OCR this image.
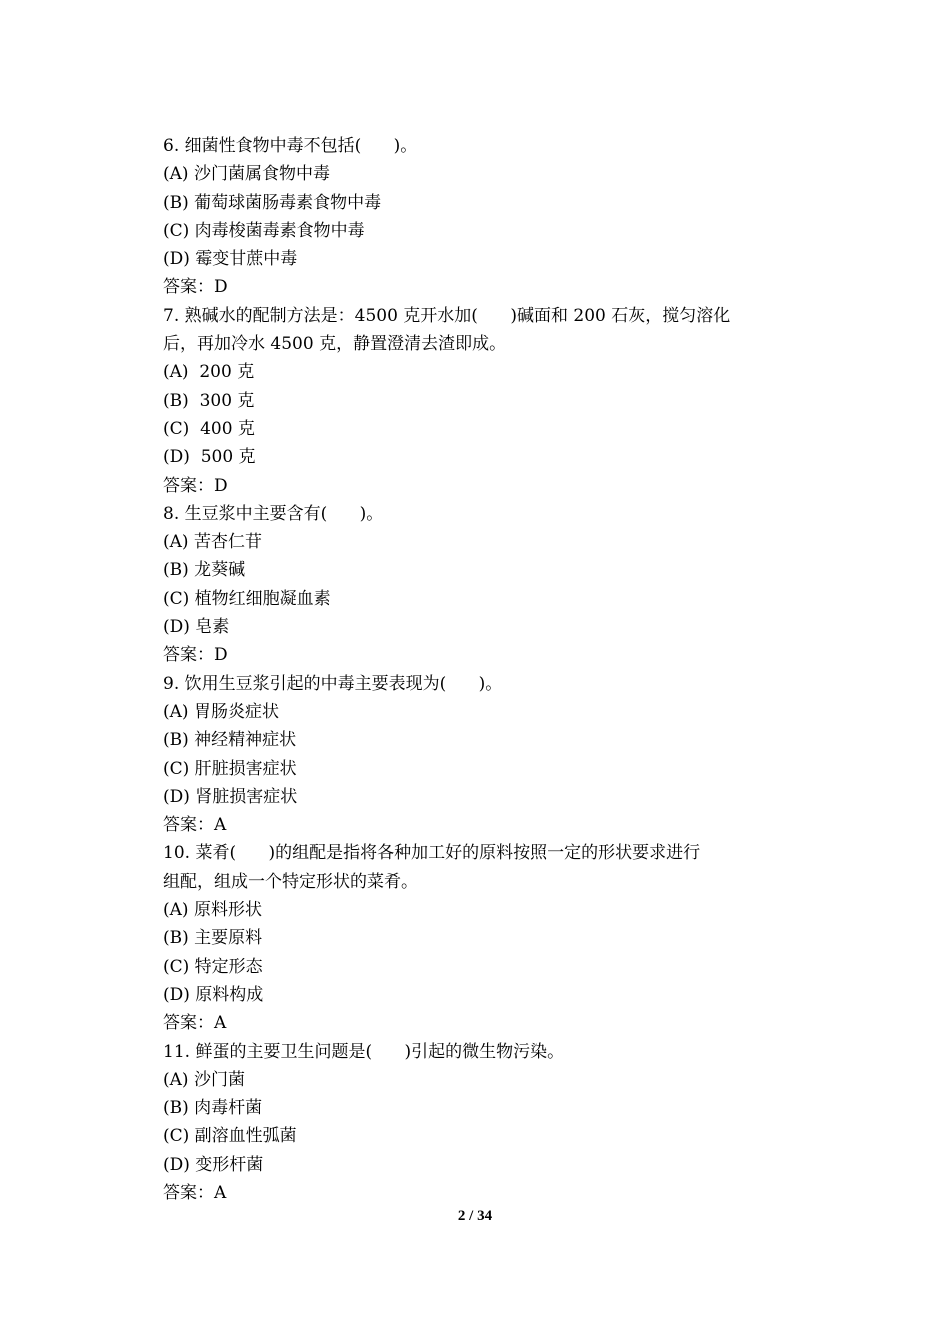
6. 细菌性食物中毒不包括(      )。
(A) 沙门菌属食物中毒
(B) 葡萄球菌肠毒素食物中毒
(C) 肉毒梭菌毒素食物中毒
(D) 霉变甘蔗中毒
答案：D
7. 熟碱水的配制方法是：4500 克开水加(      )碱面和 200 石灰，搅匀溶化
后，再加冷水 4500 克，静置澄清去渣即成。
(A)  200 克
(B)  300 克
(C)  400 克
(D)  500 克
答案：D
8. 生豆浆中主要含有(      )。
(A) 苦杏仁苷
(B) 龙葵碱
(C) 植物红细胞凝血素
(D) 皂素
答案：D
9. 饮用生豆浆引起的中毒主要表现为(      )。
(A) 胃肠炎症状
(B) 神经精神症状
(C) 肝脏损害症状
(D) 肾脏损害症状
答案：A
10. 菜肴(      )的组配是指将各种加工好的原料按照一定的形状要求进行
组配，组成一个特定形状的菜肴。
(A) 原料形状
(B) 主要原料
(C) 特定形态
(D) 原料构成
答案：A
11. 鲜蛋的主要卫生问题是(      )引起的微生物污染。
(A) 沙门菌
(B) 肉毒杆菌
(C) 副溶血性弧菌
(D) 变形杆菌
答案：A
2 / 34
